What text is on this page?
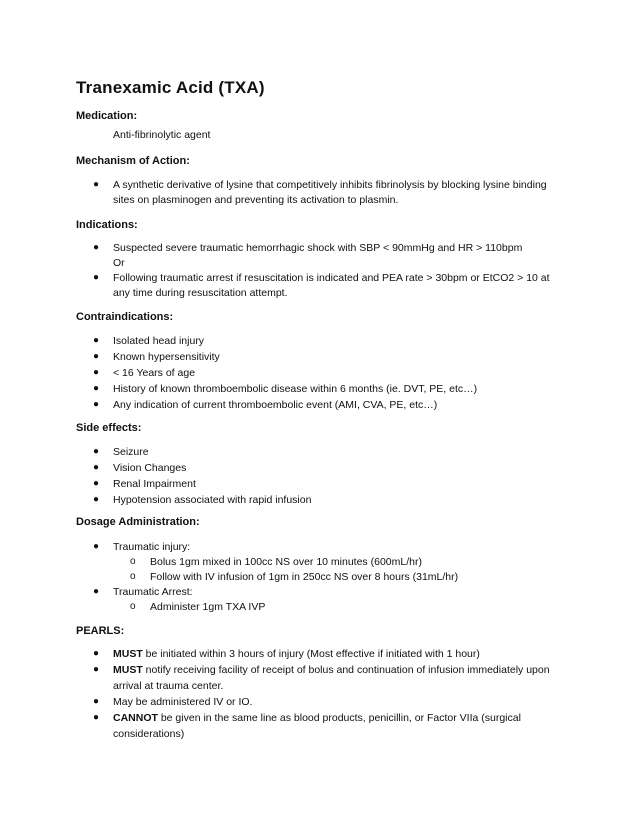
Tranexamic Acid (TXA)
Medication:
Anti-fibrinolytic agent
Mechanism of Action:
● A synthetic derivative of lysine that competitively inhibits fibrinolysis by blocking lysine binding
sites on plasminogen and preventing its activation to plasmin.
Indications:
● Suspected severe traumatic hemorrhagic shock with SBP < 90mmHg and HR > 110bpm
Or
● Following traumatic arrest if resuscitation is indicated and PEA rate > 30bpm or EtCO2 > 10 at
any time during resuscitation attempt.
Contraindications:
● Isolated head injury
● Known hypersensitivity
● < 16 Years of age
● History of known thromboembolic disease within 6 months (ie. DVT, PE, etc…)
● Any indication of current thromboembolic event (AMI, CVA, PE, etc…)
Side effects:
● Seizure
● Vision Changes
● Renal Impairment
● Hypotension associated with rapid infusion
Dosage Administration:
● Traumatic injury:
o Bolus 1gm mixed in 100cc NS over 10 minutes (600mL/hr)
o Follow with IV infusion of 1gm in 250cc NS over 8 hours (31mL/hr)
● Traumatic Arrest:
o Administer 1gm TXA IVP
PEARLS:
● MUST be initiated within 3 hours of injury (Most effective if initiated with 1 hour)
● MUST notify receiving facility of receipt of bolus and continuation of infusion immediately upon
arrival at trauma center.
● May be administered IV or IO.
● CANNOT be given in the same line as blood products, penicillin, or Factor VIIa (surgical
considerations)
